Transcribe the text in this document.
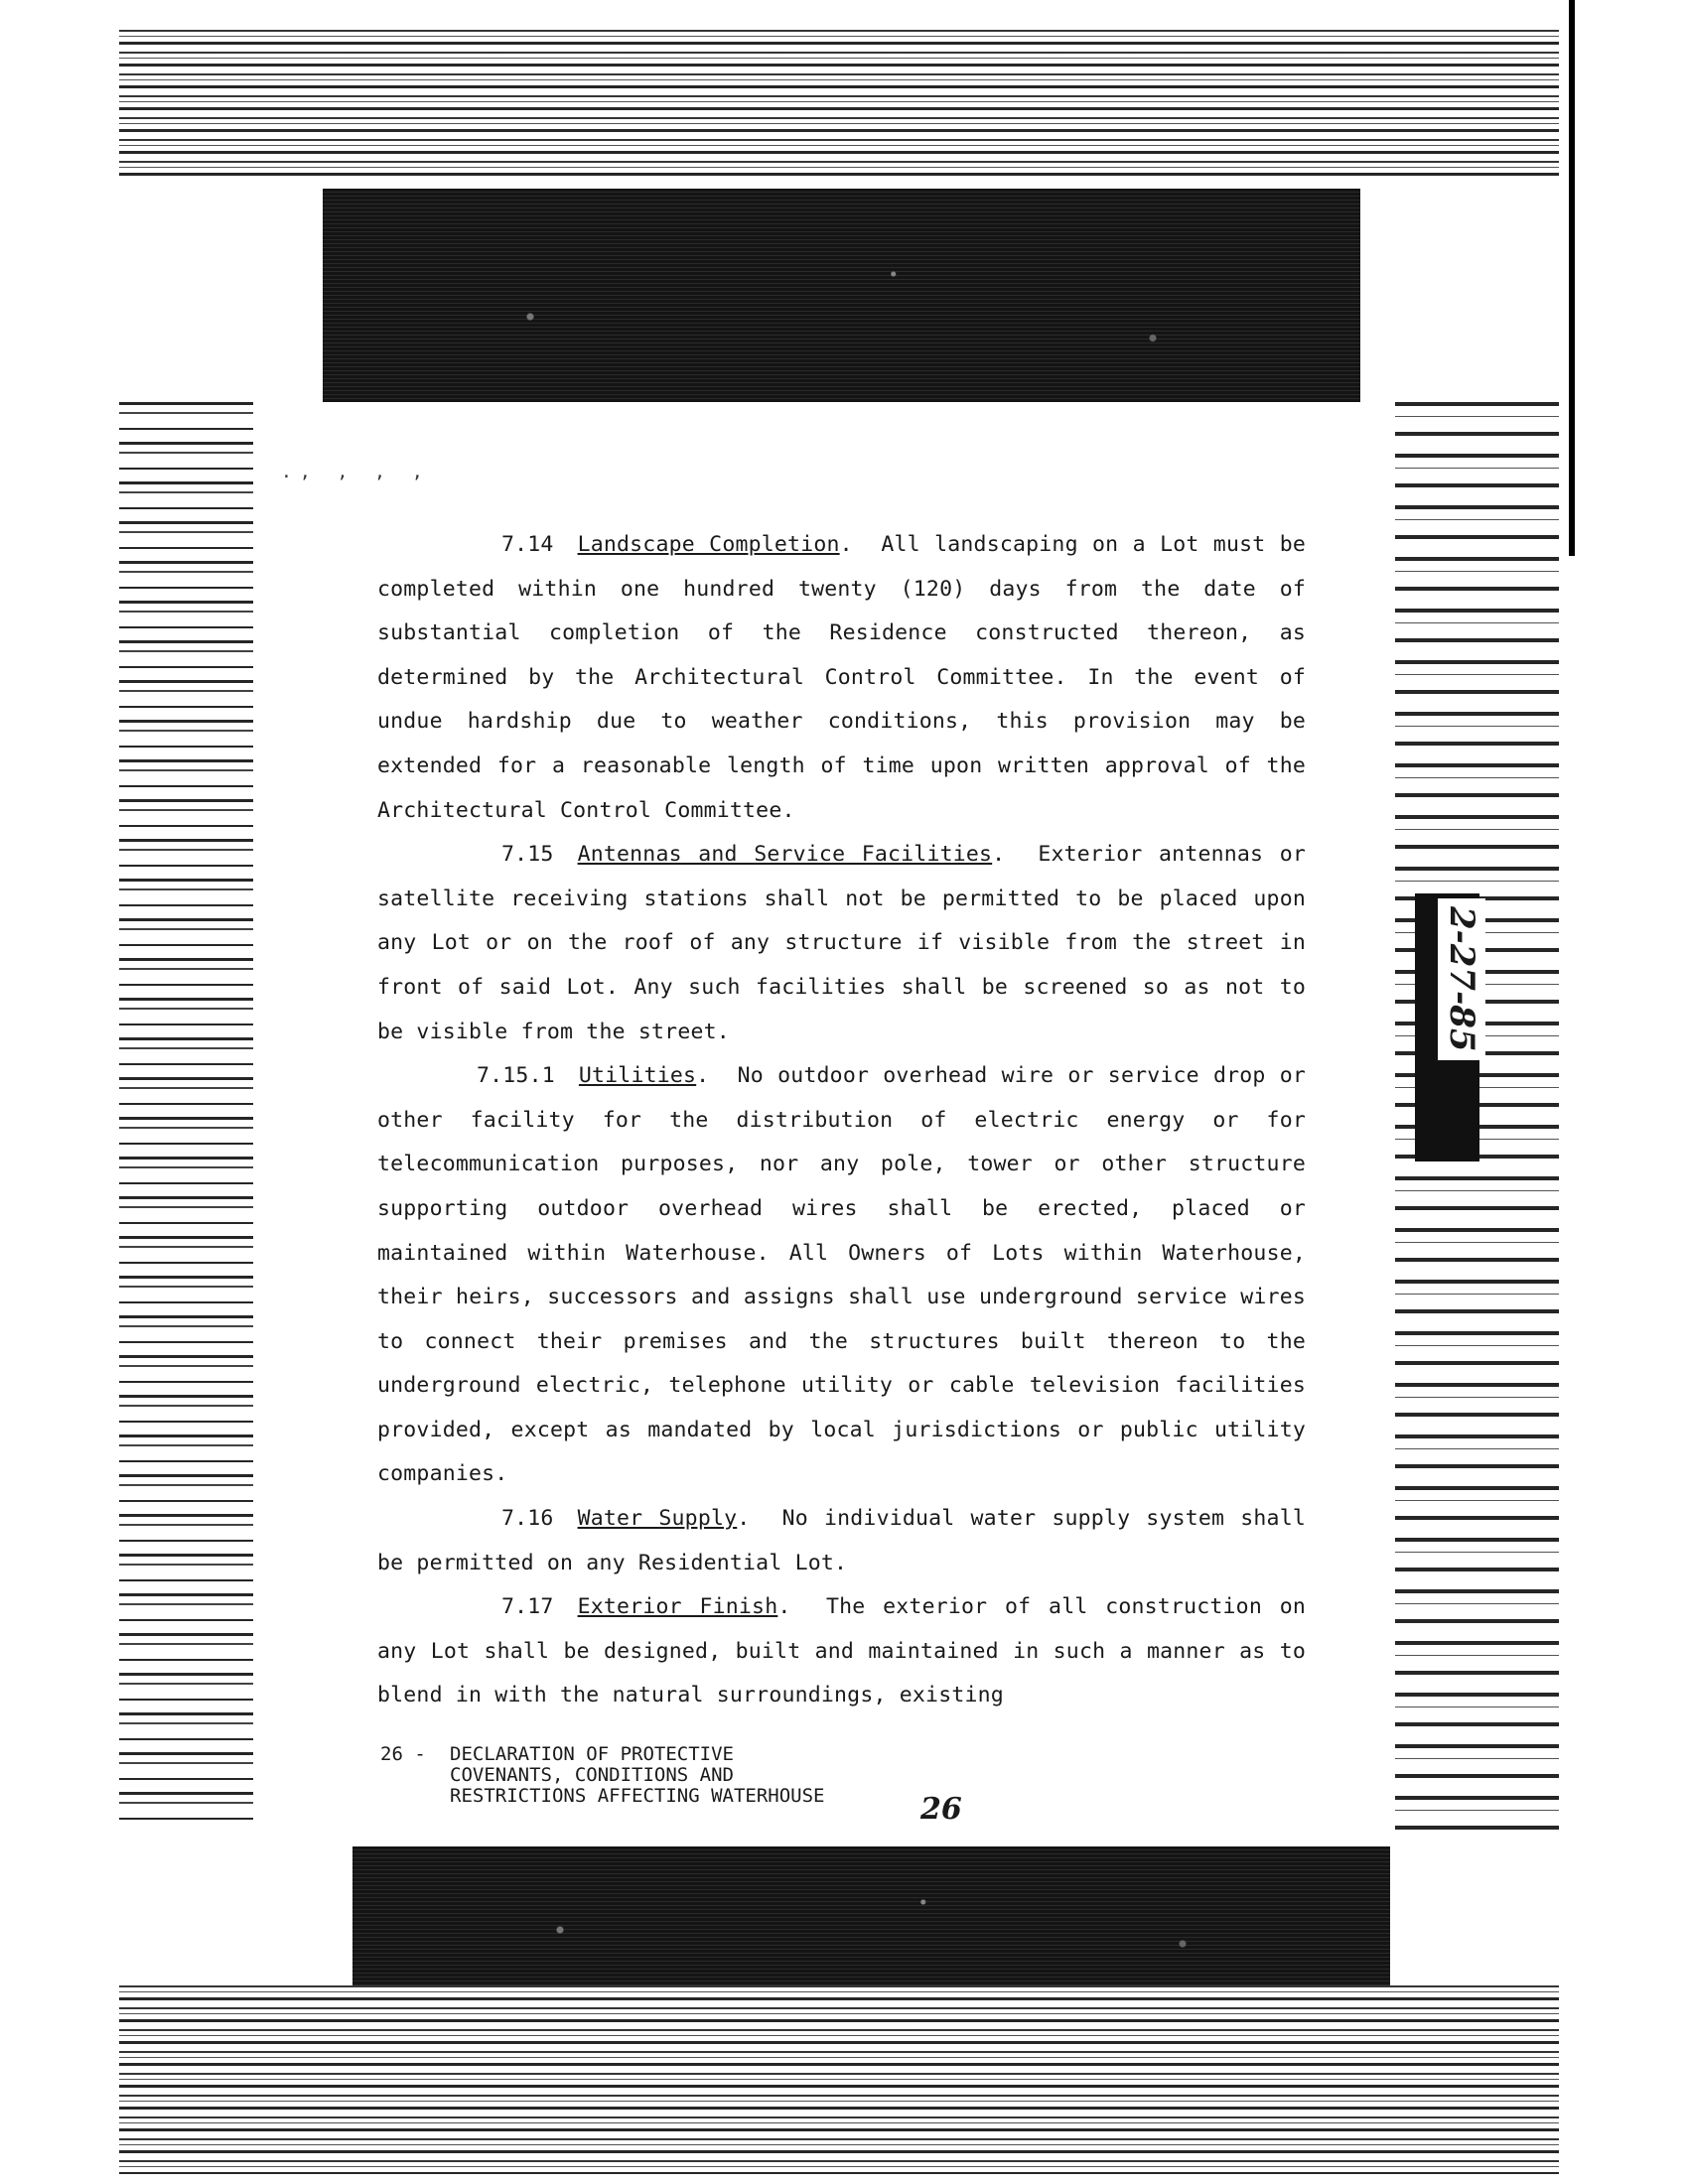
., , , ,

7.14 Landscape Completion.  All landscaping on a Lot must be completed within one hundred twenty (120) days from the date of substantial completion of the Residence constructed thereon, as determined by the Architectural Control Committee. In the event of undue hardship due to weather conditions, this provision may be extended for a reasonable length of time upon written approval of the Architectural Control Committee.

7.15 Antennas and Service Facilities.  Exterior antennas or satellite receiving stations shall not be permitted to be placed upon any Lot or on the roof of any structure if visible from the street in front of said Lot. Any such facilities shall be screened so as not to be visible from the street.

7.15.1 Utilities.  No outdoor overhead wire or service drop or other facility for the distribution of electric energy or for telecommunication purposes, nor any pole, tower or other structure supporting outdoor overhead wires shall be erected, placed or maintained within Waterhouse. All Owners of Lots within Waterhouse, their heirs, successors and assigns shall use underground service wires to connect their premises and the structures built thereon to the underground electric, telephone utility or cable television facilities provided, except as mandated by local jurisdictions or public utility companies.

7.16 Water Supply.  No individual water supply system shall be permitted on any Residential Lot.

7.17 Exterior Finish.  The exterior of all construction on any Lot shall be designed, built and maintained in such a manner as to blend in with the natural surroundings, existing

26 -	DECLARATION OF PROTECTIVE
COVENANTS, CONDITIONS AND
RESTRICTIONS AFFECTING WATERHOUSE	26
2-27-85
